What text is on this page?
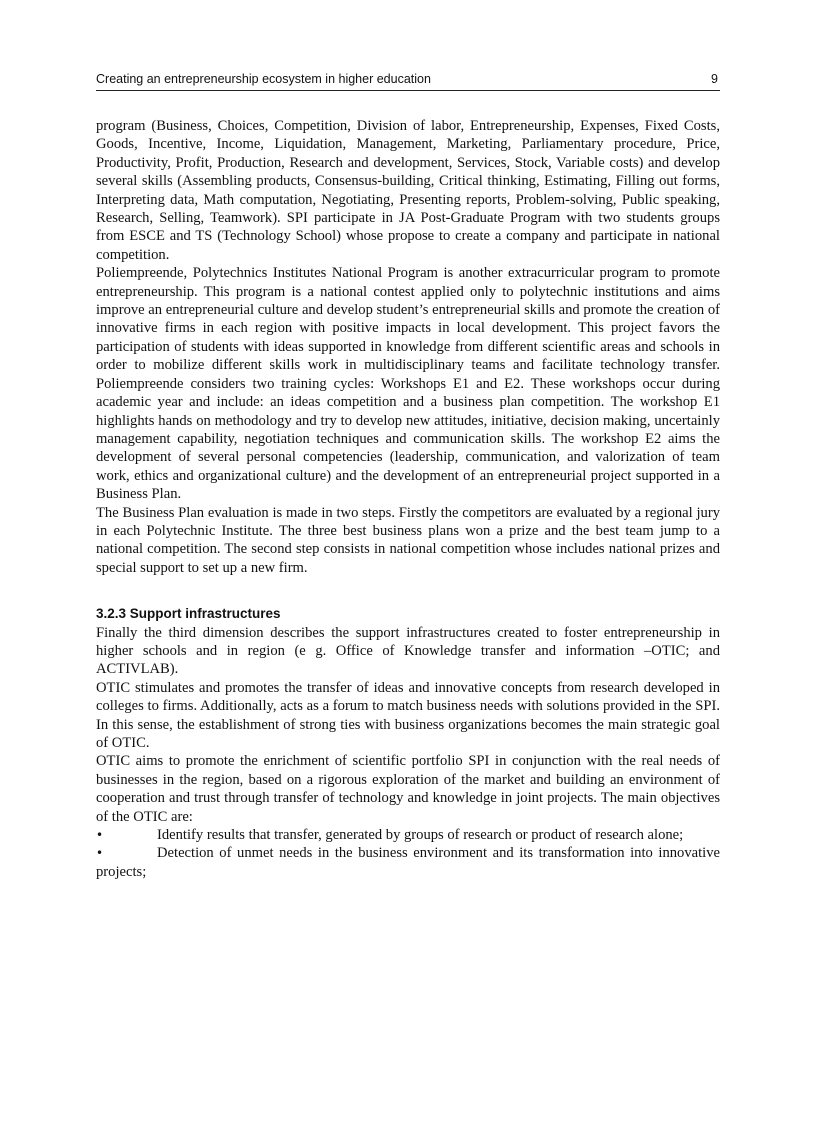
Creating an entrepreneurship ecosystem in higher education	9

program (Business, Choices, Competition, Division of labor, Entrepreneurship, Expenses, Fixed Costs, Goods, Incentive, Income, Liquidation, Management, Marketing, Parliamentary procedure, Price, Productivity, Profit, Production, Research and development, Services, Stock, Variable costs) and develop several skills (Assembling products, Consensus-building, Critical thinking, Estimating, Filling out forms, Interpreting data, Math computation, Negotiating, Presenting reports, Problem-solving, Public speaking, Research, Selling, Teamwork). SPI participate in JA Post-Graduate Program with two students groups from ESCE and TS (Technology School) whose propose to create a company and participate in national competition.

Poliempreende, Polytechnics Institutes National Program is another extracurricular program to promote entrepreneurship. This program is a national contest applied only to polytechnic institutions and aims improve an entrepreneurial culture and develop student’s entrepreneurial skills and promote the creation of innovative firms in each region with positive impacts in local development. This project favors the participation of students with ideas supported in knowledge from different scientific areas and schools in order to mobilize different skills work in multidisciplinary teams and facilitate technology transfer. Poliempreende considers two training cycles: Workshops E1 and E2. These workshops occur during academic year and include: an ideas competition and a business plan competition. The workshop E1 highlights hands on methodology and try to develop new attitudes, initiative, decision making, uncertainly management capability, negotiation techniques and communication skills. The workshop E2 aims the development of several personal competencies (leadership, communication, and valorization of team work, ethics and organizational culture) and the development of an entrepreneurial project supported in a Business Plan.

The Business Plan evaluation is made in two steps. Firstly the competitors are evaluated by a regional jury in each Polytechnic Institute. The three best business plans won a prize and the best team jump to a national competition. The second step consists in national competition whose includes national prizes and special support to set up a new firm.

3.2.3 Support infrastructures

Finally the third dimension describes the support infrastructures created to foster entrepreneurship in higher schools and in region (e g. Office of Knowledge transfer and information –OTIC; and ACTIVLAB).

OTIC stimulates and promotes the transfer of ideas and innovative concepts from research developed in colleges to firms. Additionally, acts as a forum to match business needs with solutions provided in the SPI. In this sense, the establishment of strong ties with business organizations becomes the main strategic goal of OTIC.

OTIC aims to promote the enrichment of scientific portfolio SPI in conjunction with the real needs of businesses in the region, based on a rigorous exploration of the market and building an environment of cooperation and trust through transfer of technology and knowledge in joint projects. The main objectives of the OTIC are:

•	Identify results that transfer, generated by groups of research or product of research alone;
•	Detection of unmet needs in the business environment and its transformation into innovative projects;
